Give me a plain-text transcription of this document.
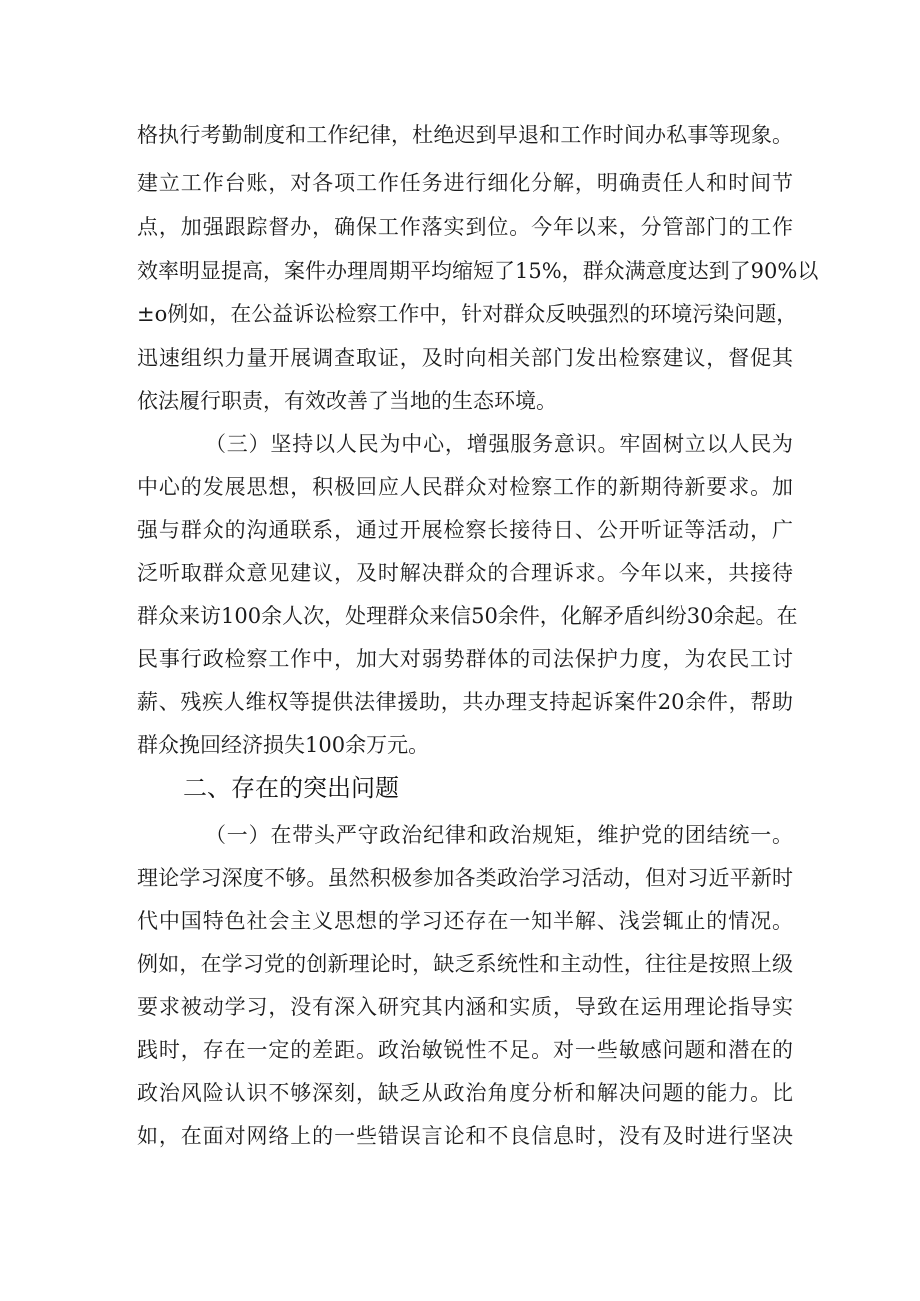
格执行考勤制度和工作纪律，杜绝迟到早退和工作时间办私事等现象。
建立工作台账，对各项工作任务进行细化分解，明确责任人和时间节
点，加强跟踪督办，确保工作落实到位。今年以来，分管部门的工作
效率明显提高，案件办理周期平均缩短了15%，群众满意度达到了90%以
±o例如，在公益诉讼检察工作中，针对群众反映强烈的环境污染问题，
迅速组织力量开展调查取证，及时向相关部门发出检察建议，督促其
依法履行职责，有效改善了当地的生态环境。
（三）坚持以人民为中心，增强服务意识。牢固树立以人民为
中心的发展思想，积极回应人民群众对检察工作的新期待新要求。加
强与群众的沟通联系，通过开展检察长接待日、公开听证等活动，广
泛听取群众意见建议，及时解决群众的合理诉求。今年以来，共接待
群众来访100余人次，处理群众来信50余件，化解矛盾纠纷30余起。在
民事行政检察工作中，加大对弱势群体的司法保护力度，为农民工讨
薪、残疾人维权等提供法律援助，共办理支持起诉案件20余件，帮助
群众挽回经济损失100余万元。
二、存在的突出问题
（一）在带头严守政治纪律和政治规矩，维护党的团结统一。
理论学习深度不够。虽然积极参加各类政治学习活动，但对习近平新时
代中国特色社会主义思想的学习还存在一知半解、浅尝辄止的情况。
例如，在学习党的创新理论时，缺乏系统性和主动性，往往是按照上级
要求被动学习，没有深入研究其内涵和实质，导致在运用理论指导实
践时，存在一定的差距。政治敏锐性不足。对一些敏感问题和潜在的
政治风险认识不够深刻，缺乏从政治角度分析和解决问题的能力。比
如，在面对网络上的一些错误言论和不良信息时，没有及时进行坚决
